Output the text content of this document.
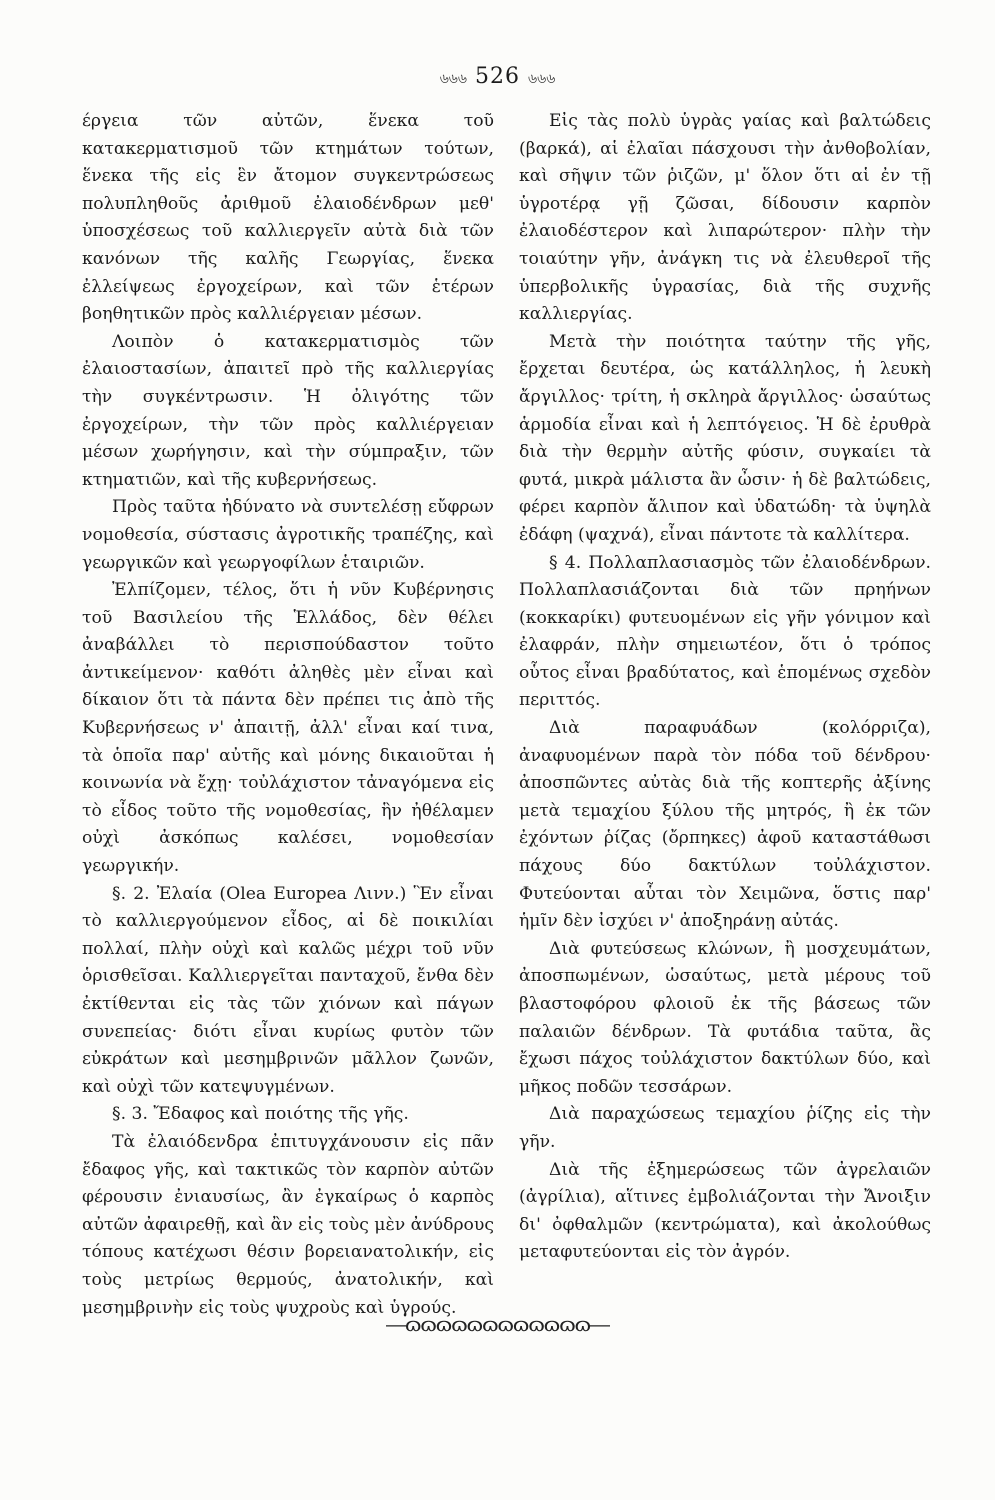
৬৬৬ 526 ৬৬৬

έργεια τῶν αὐτῶν, ἕνεκα τοῦ κατακερματισμοῦ τῶν κτημάτων τούτων, ἕνεκα τῆς εἰς ἓν ἄτομον συγκεντρώσεως πολυπληθοῦς ἀριθμοῦ ἐλαιοδένδρων μεθ' ὑποσχέσεως τοῦ καλλιεργεῖν αὐτὰ διὰ τῶν κανόνων τῆς καλῆς Γεωργίας, ἕνεκα ἐλλείψεως ἐργοχείρων, καὶ τῶν ἑτέρων βοηθητικῶν πρὸς καλλιέργειαν μέσων.

Λοιπὸν ὁ κατακερματισμὸς τῶν ἐλαιοστασίων, ἀπαιτεῖ πρὸ τῆς καλλιεργίας τὴν συγκέντρωσιν. Ἡ ὀλιγότης τῶν ἐργοχείρων, τὴν τῶν πρὸς καλλιέργειαν μέσων χωρήγησιν, καὶ τὴν σύμπραξιν, τῶν κτηματιῶν, καὶ τῆς κυβερνήσεως.

Πρὸς ταῦτα ἠδύνατο νὰ συντελέσῃ εὔφρων νομοθεσία, σύστασις ἀγροτικῆς τραπέζης, καὶ γεωργικῶν καὶ γεωργοφίλων ἑταιριῶν.

Ἐλπίζομεν, τέλος, ὅτι ἡ νῦν Κυβέρνησις τοῦ Βασιλείου τῆς Ἑλλάδος, δὲν θέλει ἀναβάλλει τὸ περισπούδαστον τοῦτο ἀντικείμενον· καθότι ἀληθὲς μὲν εἶναι καὶ δίκαιον ὅτι τὰ πάντα δὲν πρέπει τις ἀπὸ τῆς Κυβερνήσεως ν' ἀπαιτῇ, ἀλλ' εἶναι καί τινα, τὰ ὁποῖα παρ' αὐτῆς καὶ μόνης δικαιοῦται ἡ κοινωνία νὰ ἔχῃ· τοὐλάχιστον τἀναγόμενα εἰς τὸ εἶδος τοῦτο τῆς νομοθεσίας, ἣν ἠθέλαμεν οὐχὶ ἀσκόπως καλέσει, νομοθεσίαν γεωργικήν.

§. 2. Ἐλαία (Olea Europea Λινν.) Ἓν εἶναι τὸ καλλιεργούμενον εἶδος, αἱ δὲ ποικιλίαι πολλαί, πλὴν οὐχὶ καὶ καλῶς μέχρι τοῦ νῦν ὁρισθεῖσαι. Καλλιεργεῖται πανταχοῦ, ἔνθα δὲν ἐκτίθενται εἰς τὰς τῶν χιόνων καὶ πάγων συνεπείας· διότι εἶναι κυρίως φυτὸν τῶν εὐκράτων καὶ μεσημβρινῶν μᾶλλον ζωνῶν, καὶ οὐχὶ τῶν κατεψυγμένων.

§. 3. Ἔδαφος καὶ ποιότης τῆς γῆς.

Τὰ ἐλαιόδενδρα ἐπιτυγχάνουσιν εἰς πᾶν ἔδαφος γῆς, καὶ τακτικῶς τὸν καρπὸν αὐτῶν φέρουσιν ἐνιαυσίως, ἂν ἐγκαίρως ὁ καρπὸς αὐτῶν ἀφαιρεθῇ, καὶ ἂν εἰς τοὺς μὲν ἀνύδρους τόπους κατέχωσι θέσιν βορειανατολικήν, εἰς τοὺς μετρίως θερμούς, ἀνατολικήν, καὶ μεσημβρινὴν εἰς τοὺς ψυχροὺς καὶ ὑγρούς.

Εἰς τὰς πολὺ ὑγρὰς γαίας καὶ βαλτώδεις (βαρκά), αἱ ἐλαῖαι πάσχουσι τὴν ἀνθοβολίαν, καὶ σῆψιν τῶν ῥιζῶν, μ' ὅλον ὅτι αἱ ἐν τῇ ὑγροτέρᾳ γῇ ζῶσαι, δίδουσιν καρπὸν ἐλαιοδέστερον καὶ λιπαρώτερον· πλὴν τὴν τοιαύτην γῆν, ἀνάγκη τις νὰ ἐλευθεροῖ τῆς ὑπερβολικῆς ὑγρασίας, διὰ τῆς συχνῆς καλλιεργίας.

Μετὰ τὴν ποιότητα ταύτην τῆς γῆς, ἔρχεται δευτέρα, ὡς κατάλληλος, ἡ λευκὴ ἄργιλλος· τρίτη, ἡ σκληρὰ ἄργιλλος· ὡσαύτως ἁρμοδία εἶναι καὶ ἡ λεπτόγειος. Ἡ δὲ ἐρυθρὰ διὰ τὴν θερμὴν αὐτῆς φύσιν, συγκαίει τὰ φυτά, μικρὰ μάλιστα ἂν ὦσιν· ἡ δὲ βαλτώδεις, φέρει καρπὸν ἄλιπον καὶ ὑδατώδη· τὰ ὑψηλὰ ἐδάφη (ψαχνά), εἶναι πάντοτε τὰ καλλίτερα.

§ 4. Πολλαπλασιασμὸς τῶν ἐλαιοδένδρων. Πολλαπλασιάζονται διὰ τῶν πρηήνων (κοκκαρίκι) φυτευομένων εἰς γῆν γόνιμον καὶ ἐλαφράν, πλὴν σημειωτέον, ὅτι ὁ τρόπος οὗτος εἶναι βραδύτατος, καὶ ἑπομένως σχεδὸν περιττός.

Διὰ παραφυάδων (κολόρριζα), ἀναφυομένων παρὰ τὸν πόδα τοῦ δένδρου· ἀποσπῶντες αὐτὰς διὰ τῆς κοπτερῆς ἀξίνης μετὰ τεμαχίου ξύλου τῆς μητρός, ἢ ἐκ τῶν ἐχόντων ῥίζας (ὄρπηκες) ἀφοῦ καταστάθωσι πάχους δύο δακτύλων τοὐλάχιστον. Φυτεύονται αὗται τὸν Χειμῶνα, ὅστις παρ' ἡμῖν δὲν ἰσχύει ν' ἀποξηράνῃ αὐτάς.

Διὰ φυτεύσεως κλώνων, ἢ μοσχευμάτων, ἀποσπωμένων, ὡσαύτως, μετὰ μέρους τοῦ βλαστοφόρου φλοιοῦ ἐκ τῆς βάσεως τῶν παλαιῶν δένδρων. Τὰ φυτάδια ταῦτα, ἂς ἔχωσι πάχος τοὐλάχιστον δακτύλων δύο, καὶ μῆκος ποδῶν τεσσάρων.

Διὰ παραχώσεως τεμαχίου ῥίζης εἰς τὴν γῆν.

Διὰ τῆς ἐξημερώσεως τῶν ἀγρελαιῶν (ἀγρίλια), αἵτινες ἐμβολιάζονται τὴν Ἄνοιξιν δι' ὀφθαλμῶν (κεντρώματα), καὶ ἀκολούθως μεταφυτεύονται εἰς τὸν ἀγρόν.

―ɷɷɷɷɷɷɷɷɷɷɷɷ―
